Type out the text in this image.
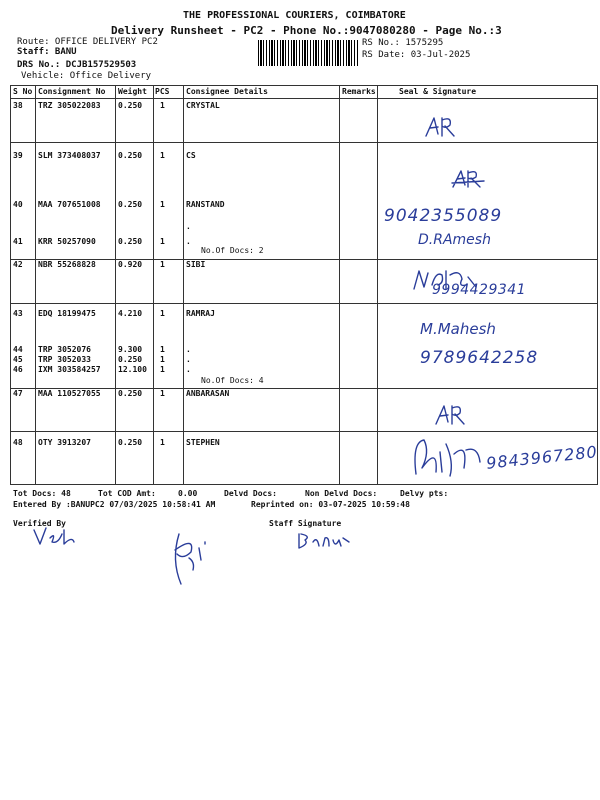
THE PROFESSIONAL COURIERS, COIMBATORE
Delivery Runsheet - PC2 - Phone No.:9047080280 - Page No.:3
Route: OFFICE DELIVERY PC2
Staff: BANU
DRS No.: DCJB157529503
Vehicle: Office Delivery
RS No.: 1575295
RS Date: 03-Jul-2025
S No Consignment No Weight PCS Consignee Details	Remarks	Seal & Signature
38 TRZ 305022083 0.250 1	CRYSTAL
39 SLM 373408037 0.250 1	CS
40 MAA 707651008 0.250 1	RANSTAND
.
41 KRR 50257090	0.250 1	.
No.Of Docs: 2
42 NBR 55268828	0.920 1	SIBI
43 EDQ 18199475	4.210 1	RAMRAJ
44 TRP 3052076	9.300 1	.
45 TRP 3052033	0.250 1	.
46 IXM 303584257 12.100 1	.
No.Of Docs: 4
47 MAA 110527055 0.250 1	ANBARASAN
48 OTY 3913207	0.250 1	STEPHEN
9042355089
D.RAmesh
9994429341
M.Mahesh
9789642258
9843967280
Tot Docs: 48	Tot COD Amt:	0.00	Delvd Docs:	Non Delvd Docs:	Delvy pts:
Entered By :BANUPC2 07/03/2025 10:58:41 AM	Reprinted on: 03-07-2025 10:59:48
Verified By	Staff Signature
